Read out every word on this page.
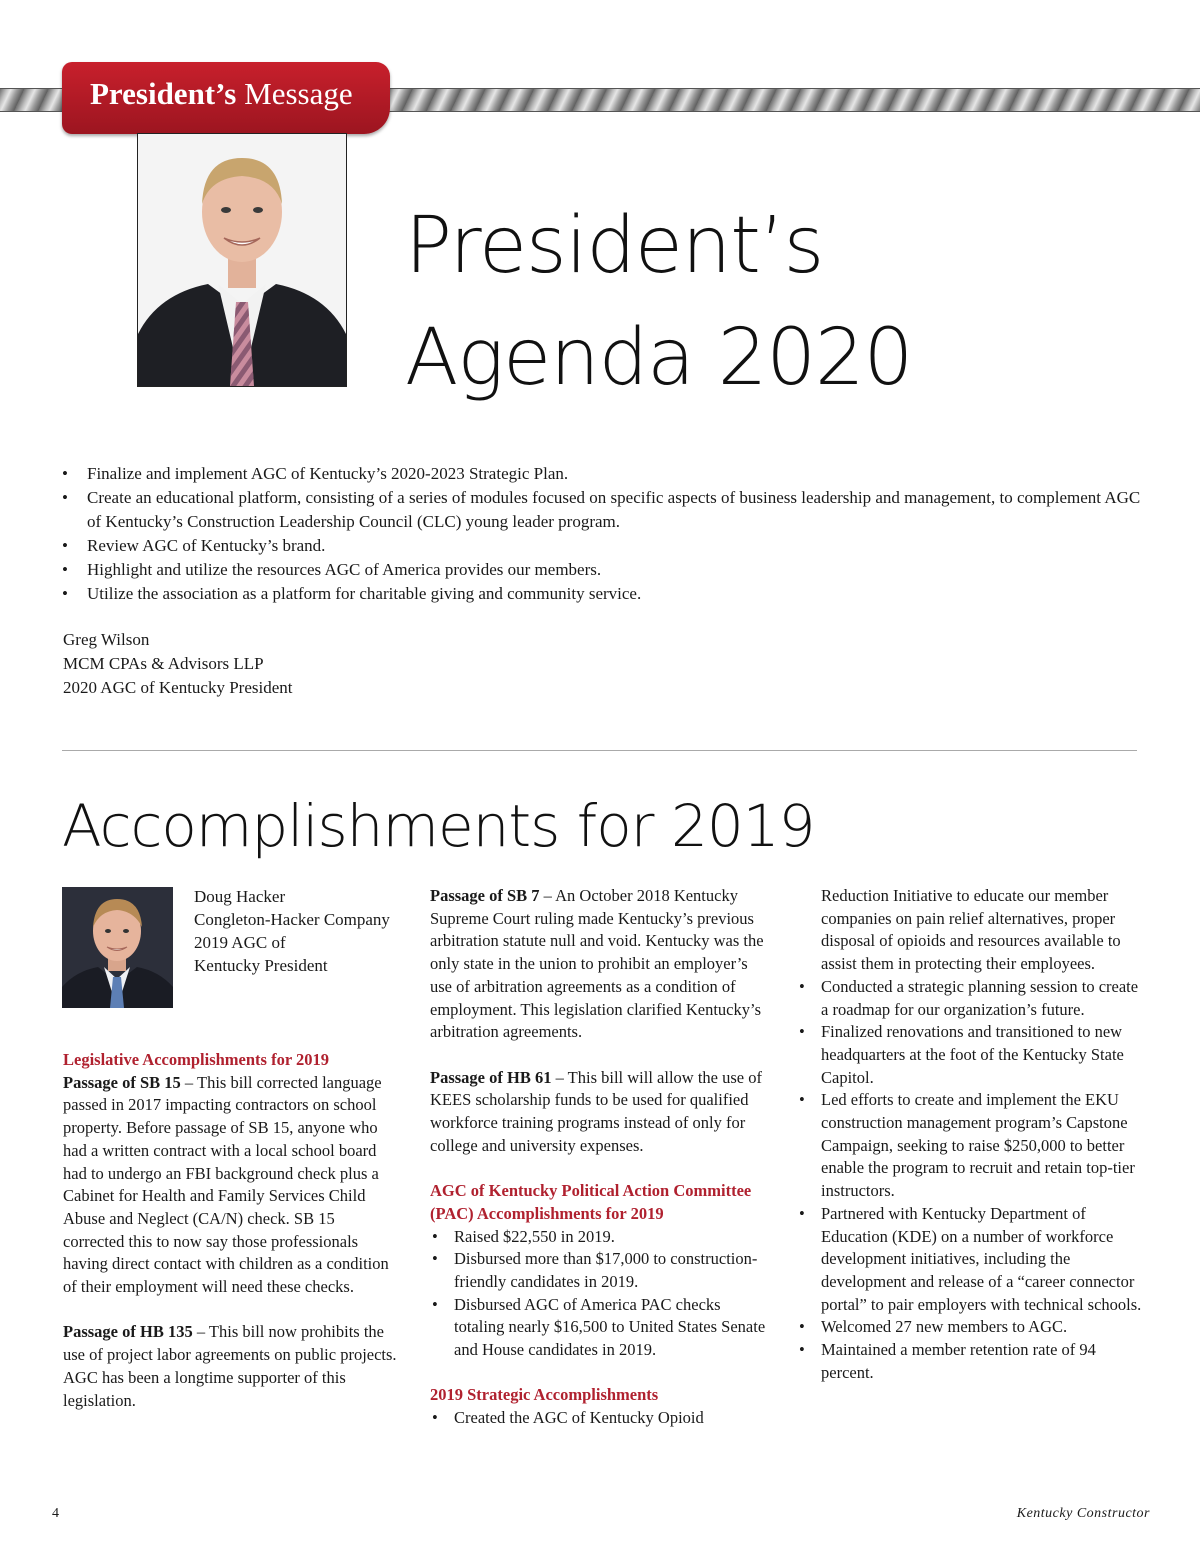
President’s Message
President’s
Agenda 2020
• Finalize and implement AGC of Kentucky’s 2020-2023 Strategic Plan.
• Create an educational platform, consisting of a series of modules focused on specific aspects of business leadership and management, to complement AGC of Kentucky’s Construction Leadership Council (CLC) young leader program.
• Review AGC of Kentucky’s brand.
• Highlight and utilize the resources AGC of America provides our members.
• Utilize the association as a platform for charitable giving and community service.
Greg Wilson
MCM CPAs & Advisors LLP
2020 AGC of Kentucky President
Accomplishments for 2019
Doug Hacker
Congleton-Hacker Company
2019 AGC of
Kentucky President

Legislative Accomplishments for 2019

Passage of SB 15 – This bill corrected language passed in 2017 impacting contractors on school property. Before passage of SB 15, anyone who had a written contract with a local school board had to undergo an FBI background check plus a Cabinet for Health and Family Services Child Abuse and Neglect (CA/N) check. SB 15 corrected this to now say those professionals having direct contact with children as a condition of their employment will need these checks.

Passage of HB 135 – This bill now prohibits the use of project labor agreements on public projects. AGC has been a longtime supporter of this legislation.

Passage of SB 7 – An October 2018 Kentucky Supreme Court ruling made Kentucky’s previous arbitration statute null and void. Kentucky was the only state in the union to prohibit an employer’s use of arbitration agreements as a condition of employment. This legislation clarified Kentucky’s arbitration agreements.

Passage of HB 61 – This bill will allow the use of KEES scholarship funds to be used for qualified workforce training programs instead of only for college and university expenses.

AGC of Kentucky Political Action Committee

(PAC) Accomplishments for 2019

• Raised $22,550 in 2019.
• Disbursed more than $17,000 to construction-friendly candidates in 2019.
• Disbursed AGC of America PAC checks totaling nearly $16,500 to United States Senate and House candidates in 2019.

2019 Strategic Accomplishments

• Created the AGC of Kentucky Opioid

Reduction Initiative to educate our member companies on pain relief alternatives, proper disposal of opioids and resources available to assist them in protecting their employees.

• Conducted a strategic planning session to create a roadmap for our organization’s future.
• Finalized renovations and transitioned to new headquarters at the foot of the Kentucky State Capitol.
• Led efforts to create and implement the EKU construction management program’s Capstone Campaign, seeking to raise $250,000 to better enable the program to recruit and retain top-tier instructors.
• Partnered with Kentucky Department of Education (KDE) on a number of workforce development initiatives, including the development and release of a “career connector portal” to pair employers with technical schools.
• Welcomed 27 new members to AGC.
• Maintained a member retention rate of 94 percent.
4	Kentucky Constructor
